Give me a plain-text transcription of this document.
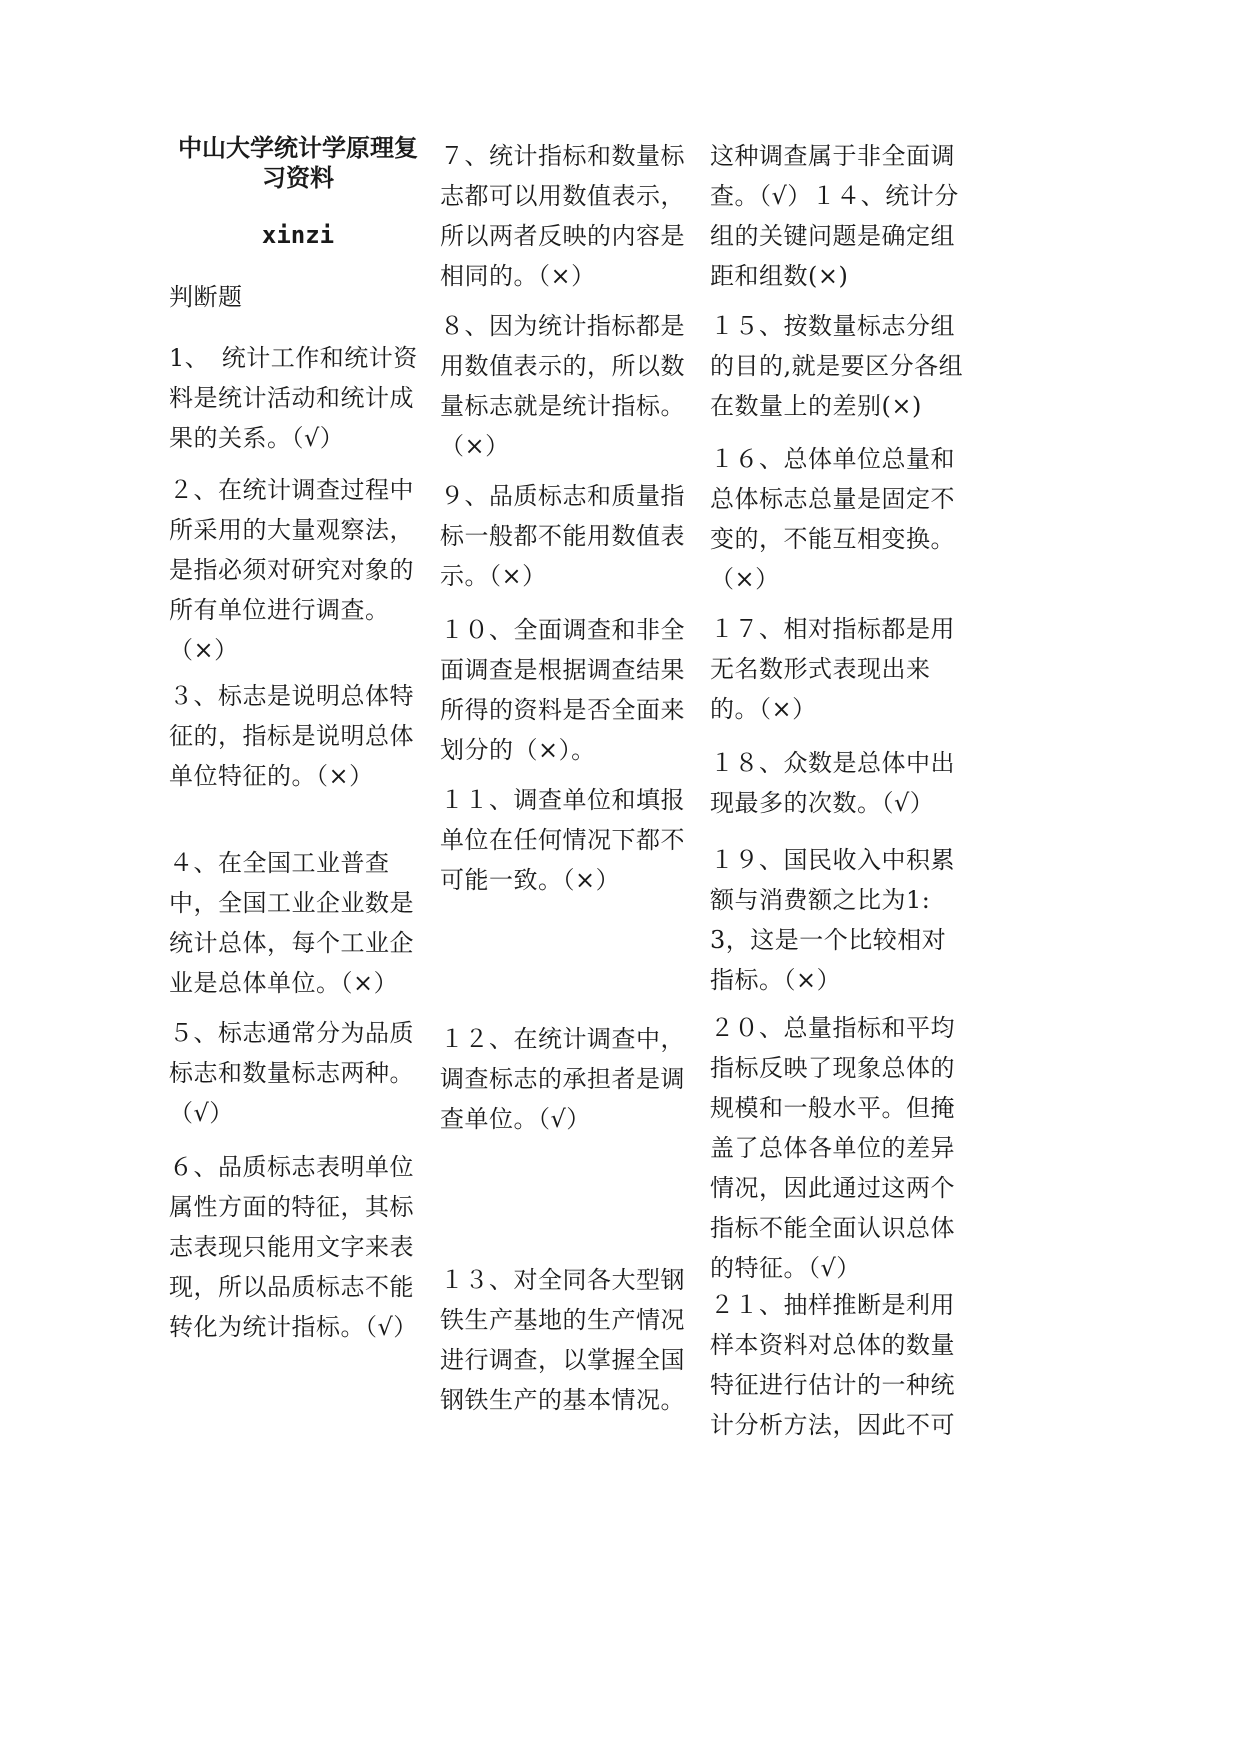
中山大学统计学原理复习资料

xinzi

判断题

1、　统计工作和统计资料是统计活动和统计成果的关系。（√）

２、在统计调查过程中所采用的大量观察法，是指必须对研究对象的所有单位进行调查。（×）

３、标志是说明总体特征的，指标是说明总体单位特征的。（×）

４、在全国工业普查中，全国工业企业数是统计总体，每个工业企业是总体单位。（×）

５、标志通常分为品质标志和数量标志两种。（√）

６、品质标志表明单位属性方面的特征，其标志表现只能用文字来表现，所以品质标志不能转化为统计指标。（√）

７、统计指标和数量标志都可以用数值表示，所以两者反映的内容是相同的。（×）

８、因为统计指标都是用数值表示的，所以数量标志就是统计指标。（×）

９、品质标志和质量指标一般都不能用数值表示。（×）

１０、全面调查和非全面调查是根据调查结果所得的资料是否全面来划分的（×）。

１１、调查单位和填报单位在任何情况下都不可能一致。（×）

１２、在统计调查中，调查标志的承担者是调查单位。（√）

１３、对全同各大型钢铁生产基地的生产情况进行调查，以掌握全国钢铁生产的基本情况。

这种调查属于非全面调查。（√）１４、统计分组的关键问题是确定组距和组数(×)

１５、按数量标志分组的目的,就是要区分各组在数量上的差别(×)

１６、总体单位总量和总体标志总量是固定不变的，不能互相变换。（×）

１７、相对指标都是用无名数形式表现出来的。（×）

１８、众数是总体中出现最多的次数。（√）

１９、国民收入中积累额与消费额之比为1:3，这是一个比较相对指标。（×）

２０、总量指标和平均指标反映了现象总体的规模和一般水平。但掩盖了总体各单位的差异情况，因此通过这两个指标不能全面认识总体的特征。（√）

２１、抽样推断是利用样本资料对总体的数量特征进行估计的一种统计分析方法，因此不可
